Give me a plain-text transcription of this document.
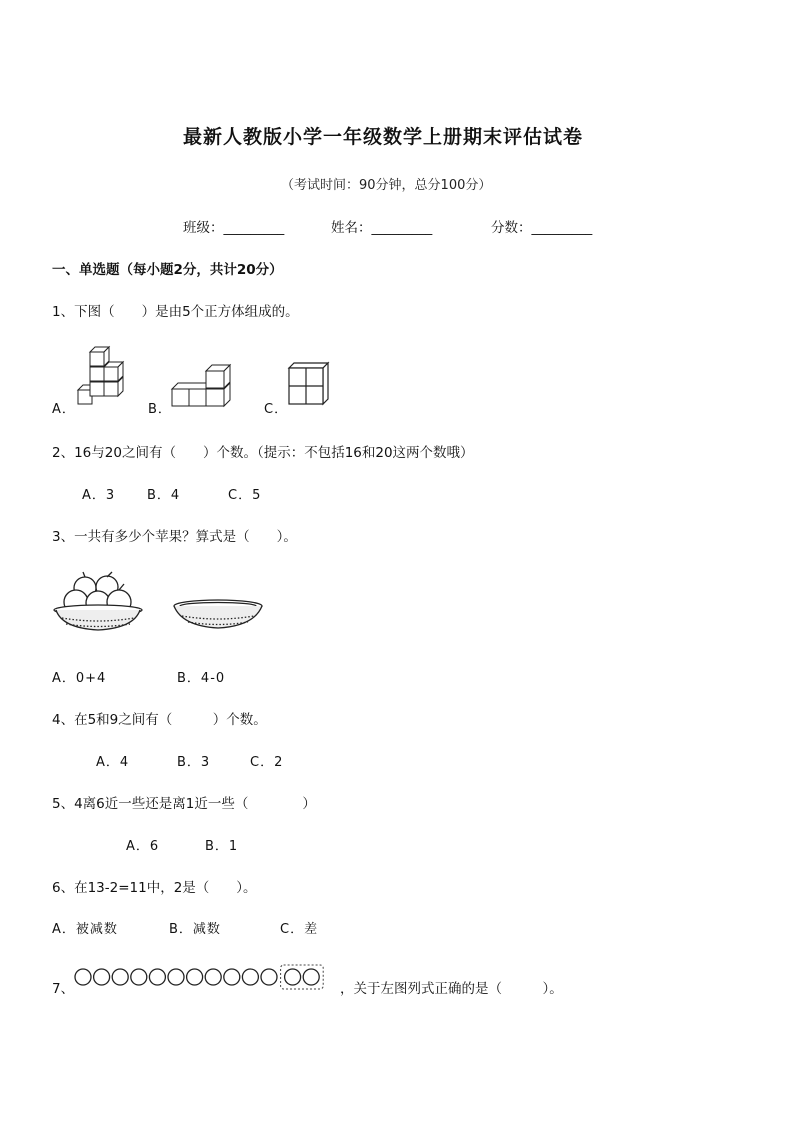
最新人教版小学一年级数学上册期末评估试卷
（考试时间：90分钟，总分100分）
班级：_________	姓名：_________	分数：_________
一、单选题（每小题2分，共计20分）
1、下图（　　）是由5个正方体组成的。
A．	B．	C．
2、16与20之间有（　　）个数。（提示：不包括16和20这两个数哦）
A．3 B．4	C．5
3、一共有多少个苹果？算式是（　　）。
A．0+4	B．4-0
4、在5和9之间有（　　　）个数。
A．4	B．3	C．2
5、4离6近一些还是离1近一些（　　　　）
A．6	B．1
6、在13-2=11中，2是（　　）。
A．被减数	B．减数	C．差
7、	，关于左图列式正确的是（　　　）。
